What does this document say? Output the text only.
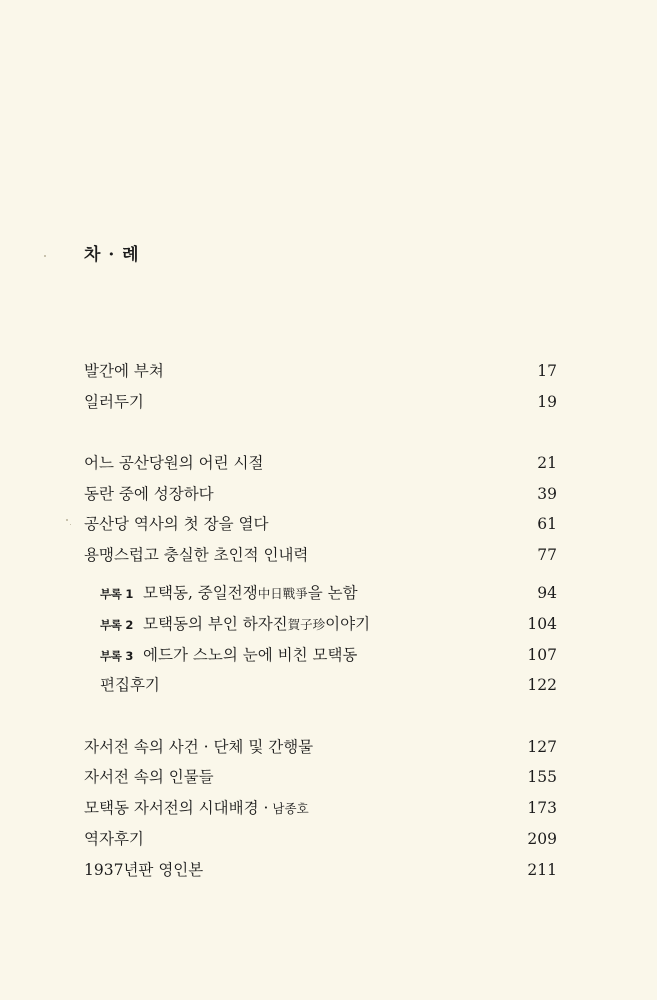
차 · 례
발간에 부쳐	17
일러두기	19
어느 공산당원의 어린 시절	21
동란 중에 성장하다	39
공산당 역사의 첫 장을 열다	61
용맹스럽고 충실한 초인적 인내력	77
부록 1 모택동, 중일전쟁 中日戰爭 을 논함	94
부록 2 모택동의 부인 하자진 賀子珍 이야기	104
부록 3 에드가 스노의 눈에 비친 모택동	107
편집후기	122
자서전 속의 사건 · 단체 및 간행물	127
자서전 속의 인물들	155
모택동 자서전의 시대배경 · 남종호	173
역자후기	209
1937년판 영인본	211
